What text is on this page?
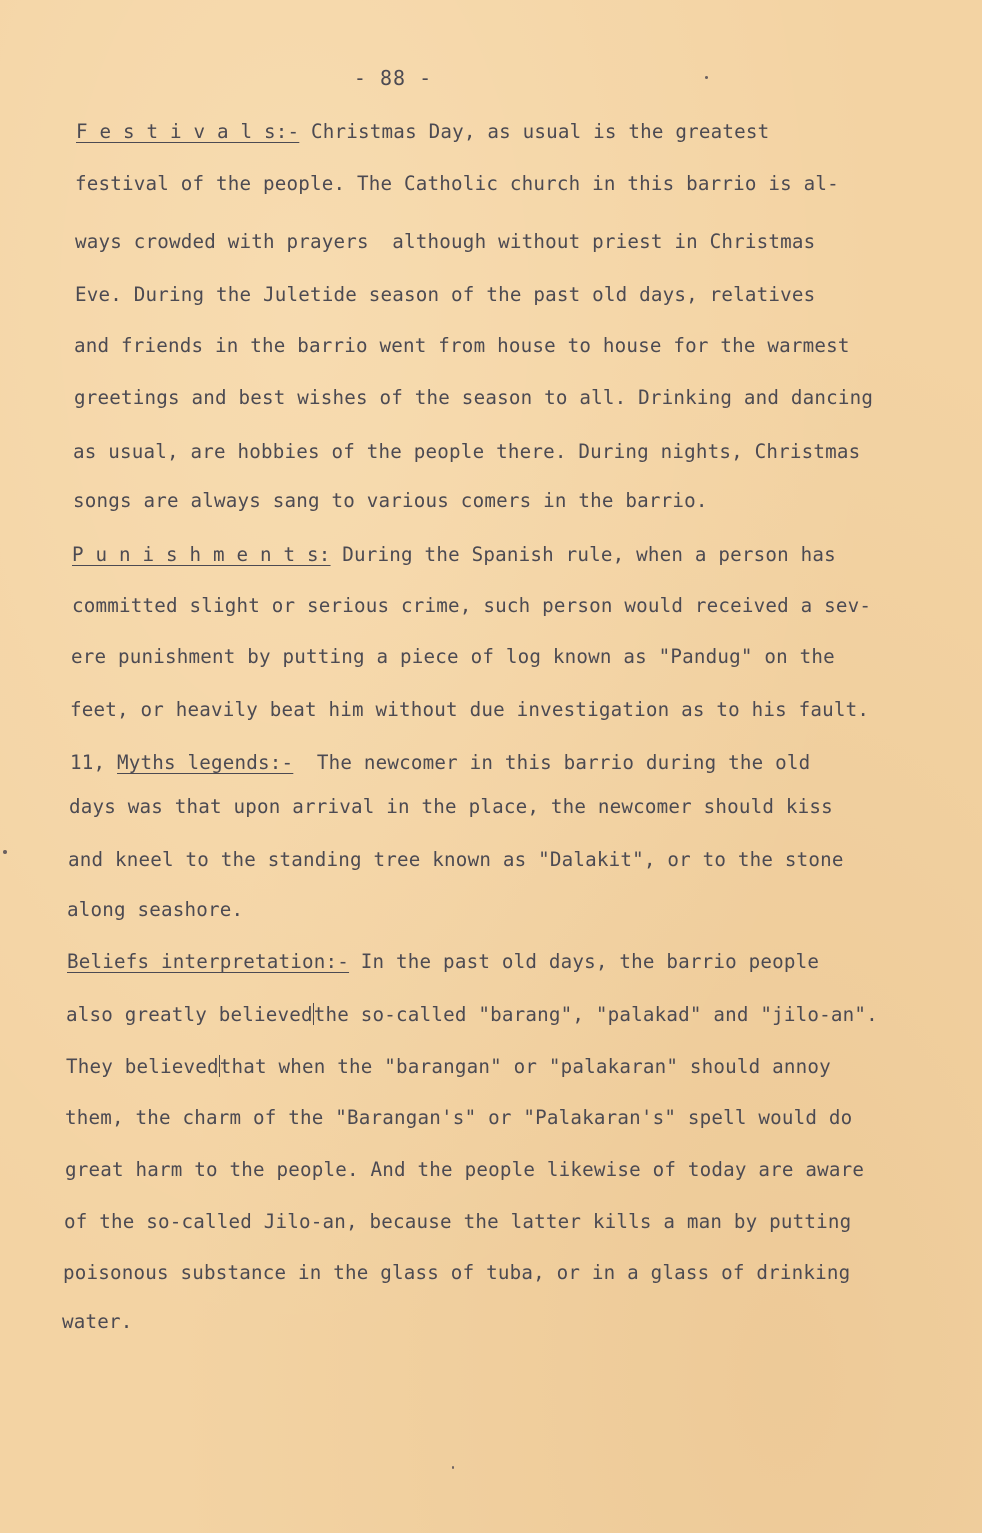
- 88 -
F e s t i v a l s:- Christmas Day, as usual is the greatest
festival of the people. The Catholic church in this barrio is al-
ways crowded with prayers  although without priest in Christmas
Eve. During the Juletide season of the past old days, relatives
and friends in the barrio went from house to house for the warmest
greetings and best wishes of the season to all. Drinking and dancing
as usual, are hobbies of the people there. During nights, Christmas
songs are always sang to various comers in the barrio.
P u n i s h m e n t s: During the Spanish rule, when a person has
committed slight or serious crime, such person would received a sev-
ere punishment by putting a piece of log known as "Pandug" on the
feet, or heavily beat him without due investigation as to his fault.
11, Myths legends:-  The newcomer in this barrio during the old
days was that upon arrival in the place, the newcomer should kiss
and kneel to the standing tree known as "Dalakit", or to the stone
along seashore.
Beliefs interpretation:- In the past old days, the barrio people
also greatly believedthe so-called "barang", "palakad" and "jilo-an".
They believedthat when the "barangan" or "palakaran" should annoy
them, the charm of the "Barangan's" or "Palakaran's" spell would do
great harm to the people. And the people likewise of today are aware
of the so-called Jilo-an, because the latter kills a man by putting
poisonous substance in the glass of tuba, or in a glass of drinking
water.
